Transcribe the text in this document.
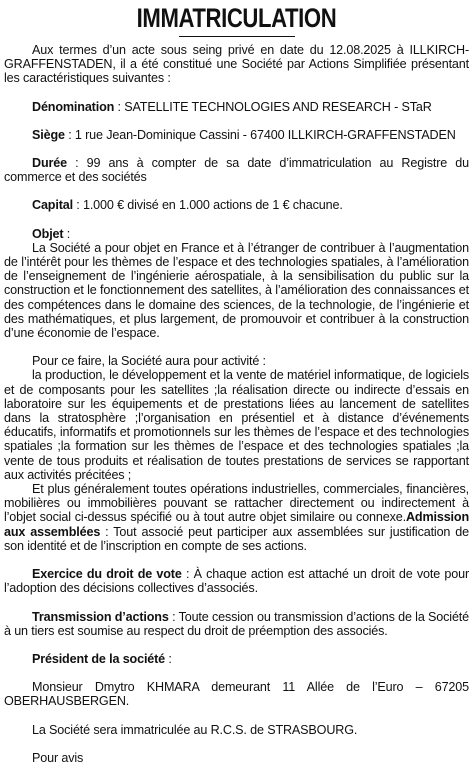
IMMATRICULATION

Aux termes d’un acte sous seing privé en date du 12.08.2025 à ILLKIRCH-GRAFFENSTADEN, il a été constitué une Société par Actions Simplifiée présentant les caractéristiques suivantes :

Dénomination : SATELLITE TECHNOLOGIES AND RESEARCH - STaR

Siège : 1 rue Jean-Dominique Cassini - 67400 ILLKIRCH-GRAFFENSTADEN

Durée : 99 ans à compter de sa date d’immatriculation au Registre du commerce et des sociétés

Capital : 1.000 € divisé en 1.000 actions de 1 € chacune.

Objet :

La Société a pour objet en France et à l’étranger de contribuer à l’augmentation de l’intérêt pour les thèmes de l’espace et des technologies spatiales, à l’amélioration de l’enseignement de l’ingénierie aérospatiale, à la sensibilisation du public sur la construction et le fonctionnement des satellites, à l’amélioration des connaissances et des compétences dans le domaine des sciences, de la technologie, de l’ingénierie et des mathématiques, et plus largement, de promouvoir et contribuer à la construction d’une économie de l’espace.

Pour ce faire, la Société aura pour activité :

la production, le développement et la vente de matériel informatique, de logiciels et de composants pour les satellites ;la réalisation directe ou indirecte d’essais en laboratoire sur les équipements et de prestations liées au lancement de satellites dans la stratosphère ;l’organisation en présentiel et à distance d’événements éducatifs, informatifs et promotionnels sur les thèmes de l’espace et des technologies spatiales ;la formation sur les thèmes de l’espace et des technologies spatiales ;la vente de tous produits et réalisation de toutes prestations de services se rapportant aux activités précitées ;

Et plus généralement toutes opérations industrielles, commerciales, financières, mobilières ou immobilières pouvant se rattacher directement ou indirectement à l’objet social ci-dessus spécifié ou à tout autre objet similaire ou connexe.Admission aux assemblées : Tout associé peut participer aux assemblées sur justification de son identité et de l’inscription en compte de ses actions.

Exercice du droit de vote : À chaque action est attaché un droit de vote pour l’adoption des décisions collectives d’associés.

Transmission d’actions : Toute cession ou transmission d’actions de la Société à un tiers est soumise au respect du droit de préemption des associés.

Président de la société :

Monsieur Dmytro KHMARA demeurant 11 Allée de l’Euro – 67205 OBERHAUSBERGEN.

La Société sera immatriculée au R.C.S. de STRASBOURG.

Pour avis
